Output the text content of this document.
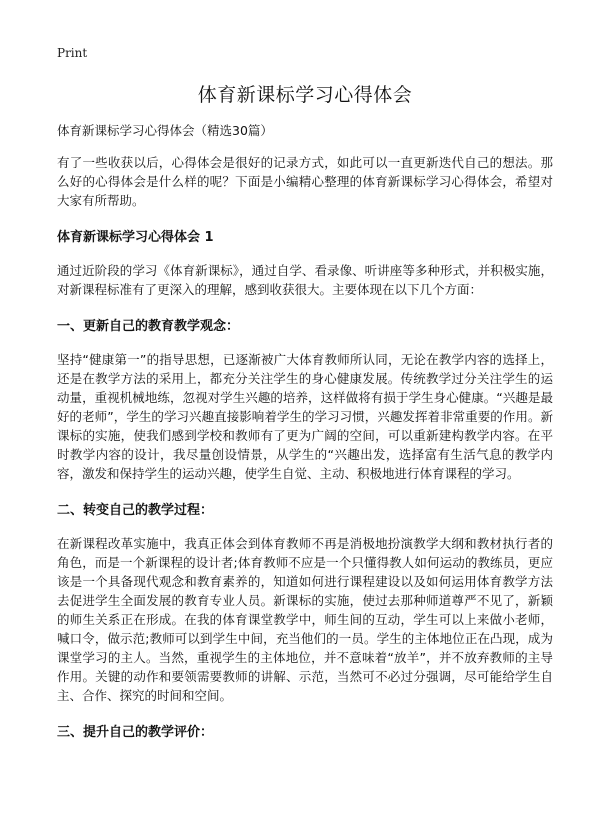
Print
体育新课标学习心得体会

体育新课标学习心得体会（精选30篇）

有了一些收获以后，心得体会是很好的记录方式，如此可以一直更新迭代自己的想法。那么好的心得体会是什么样的呢？下面是小编精心整理的体育新课标学习心得体会，希望对大家有所帮助。

体育新课标学习心得体会 1

通过近阶段的学习《体育新课标》，通过自学、看录像、听讲座等多种形式，并积极实施，对新课程标准有了更深入的理解，感到收获很大。主要体现在以下几个方面：

一、更新自己的教育教学观念：

坚持“健康第一”的指导思想，已逐渐被广大体育教师所认同，无论在教学内容的选择上，还是在教学方法的采用上，都充分关注学生的身心健康发展。传统教学过分关注学生的运动量，重视机械地练，忽视对学生兴趣的培养，这样做将有损于学生身心健康。“兴趣是最好的老师”，学生的学习兴趣直接影响着学生的学习习惯，兴趣发挥着非常重要的作用。新课标的实施，使我们感到学校和教师有了更为广阔的空间，可以重新建构教学内容。在平时教学内容的设计，我尽量创设情景，从学生的“兴趣出发，选择富有生活气息的教学内容，激发和保持学生的运动兴趣，使学生自觉、主动、积极地进行体育课程的学习。

二、转变自己的教学过程：

在新课程改革实施中，我真正体会到体育教师不再是消极地扮演教学大纲和教材执行者的角色，而是一个新课程的设计者;体育教师不应是一个只懂得教人如何运动的教练员，更应该是一个具备现代观念和教育素养的，知道如何进行课程建设以及如何运用体育教学方法去促进学生全面发展的教育专业人员。新课标的实施，使过去那种师道尊严不见了，新颖的师生关系正在形成。在我的体育课堂教学中，师生间的互动，学生可以上来做小老师，喊口令，做示范;教师可以到学生中间，充当他们的一员。学生的主体地位正在凸现，成为课堂学习的主人。当然，重视学生的主体地位，并不意味着“放羊”，并不放弃教师的主导作用。关键的动作和要领需要教师的讲解、示范，当然可不必过分强调，尽可能给学生自主、合作、探究的时间和空间。

三、提升自己的教学评价：
